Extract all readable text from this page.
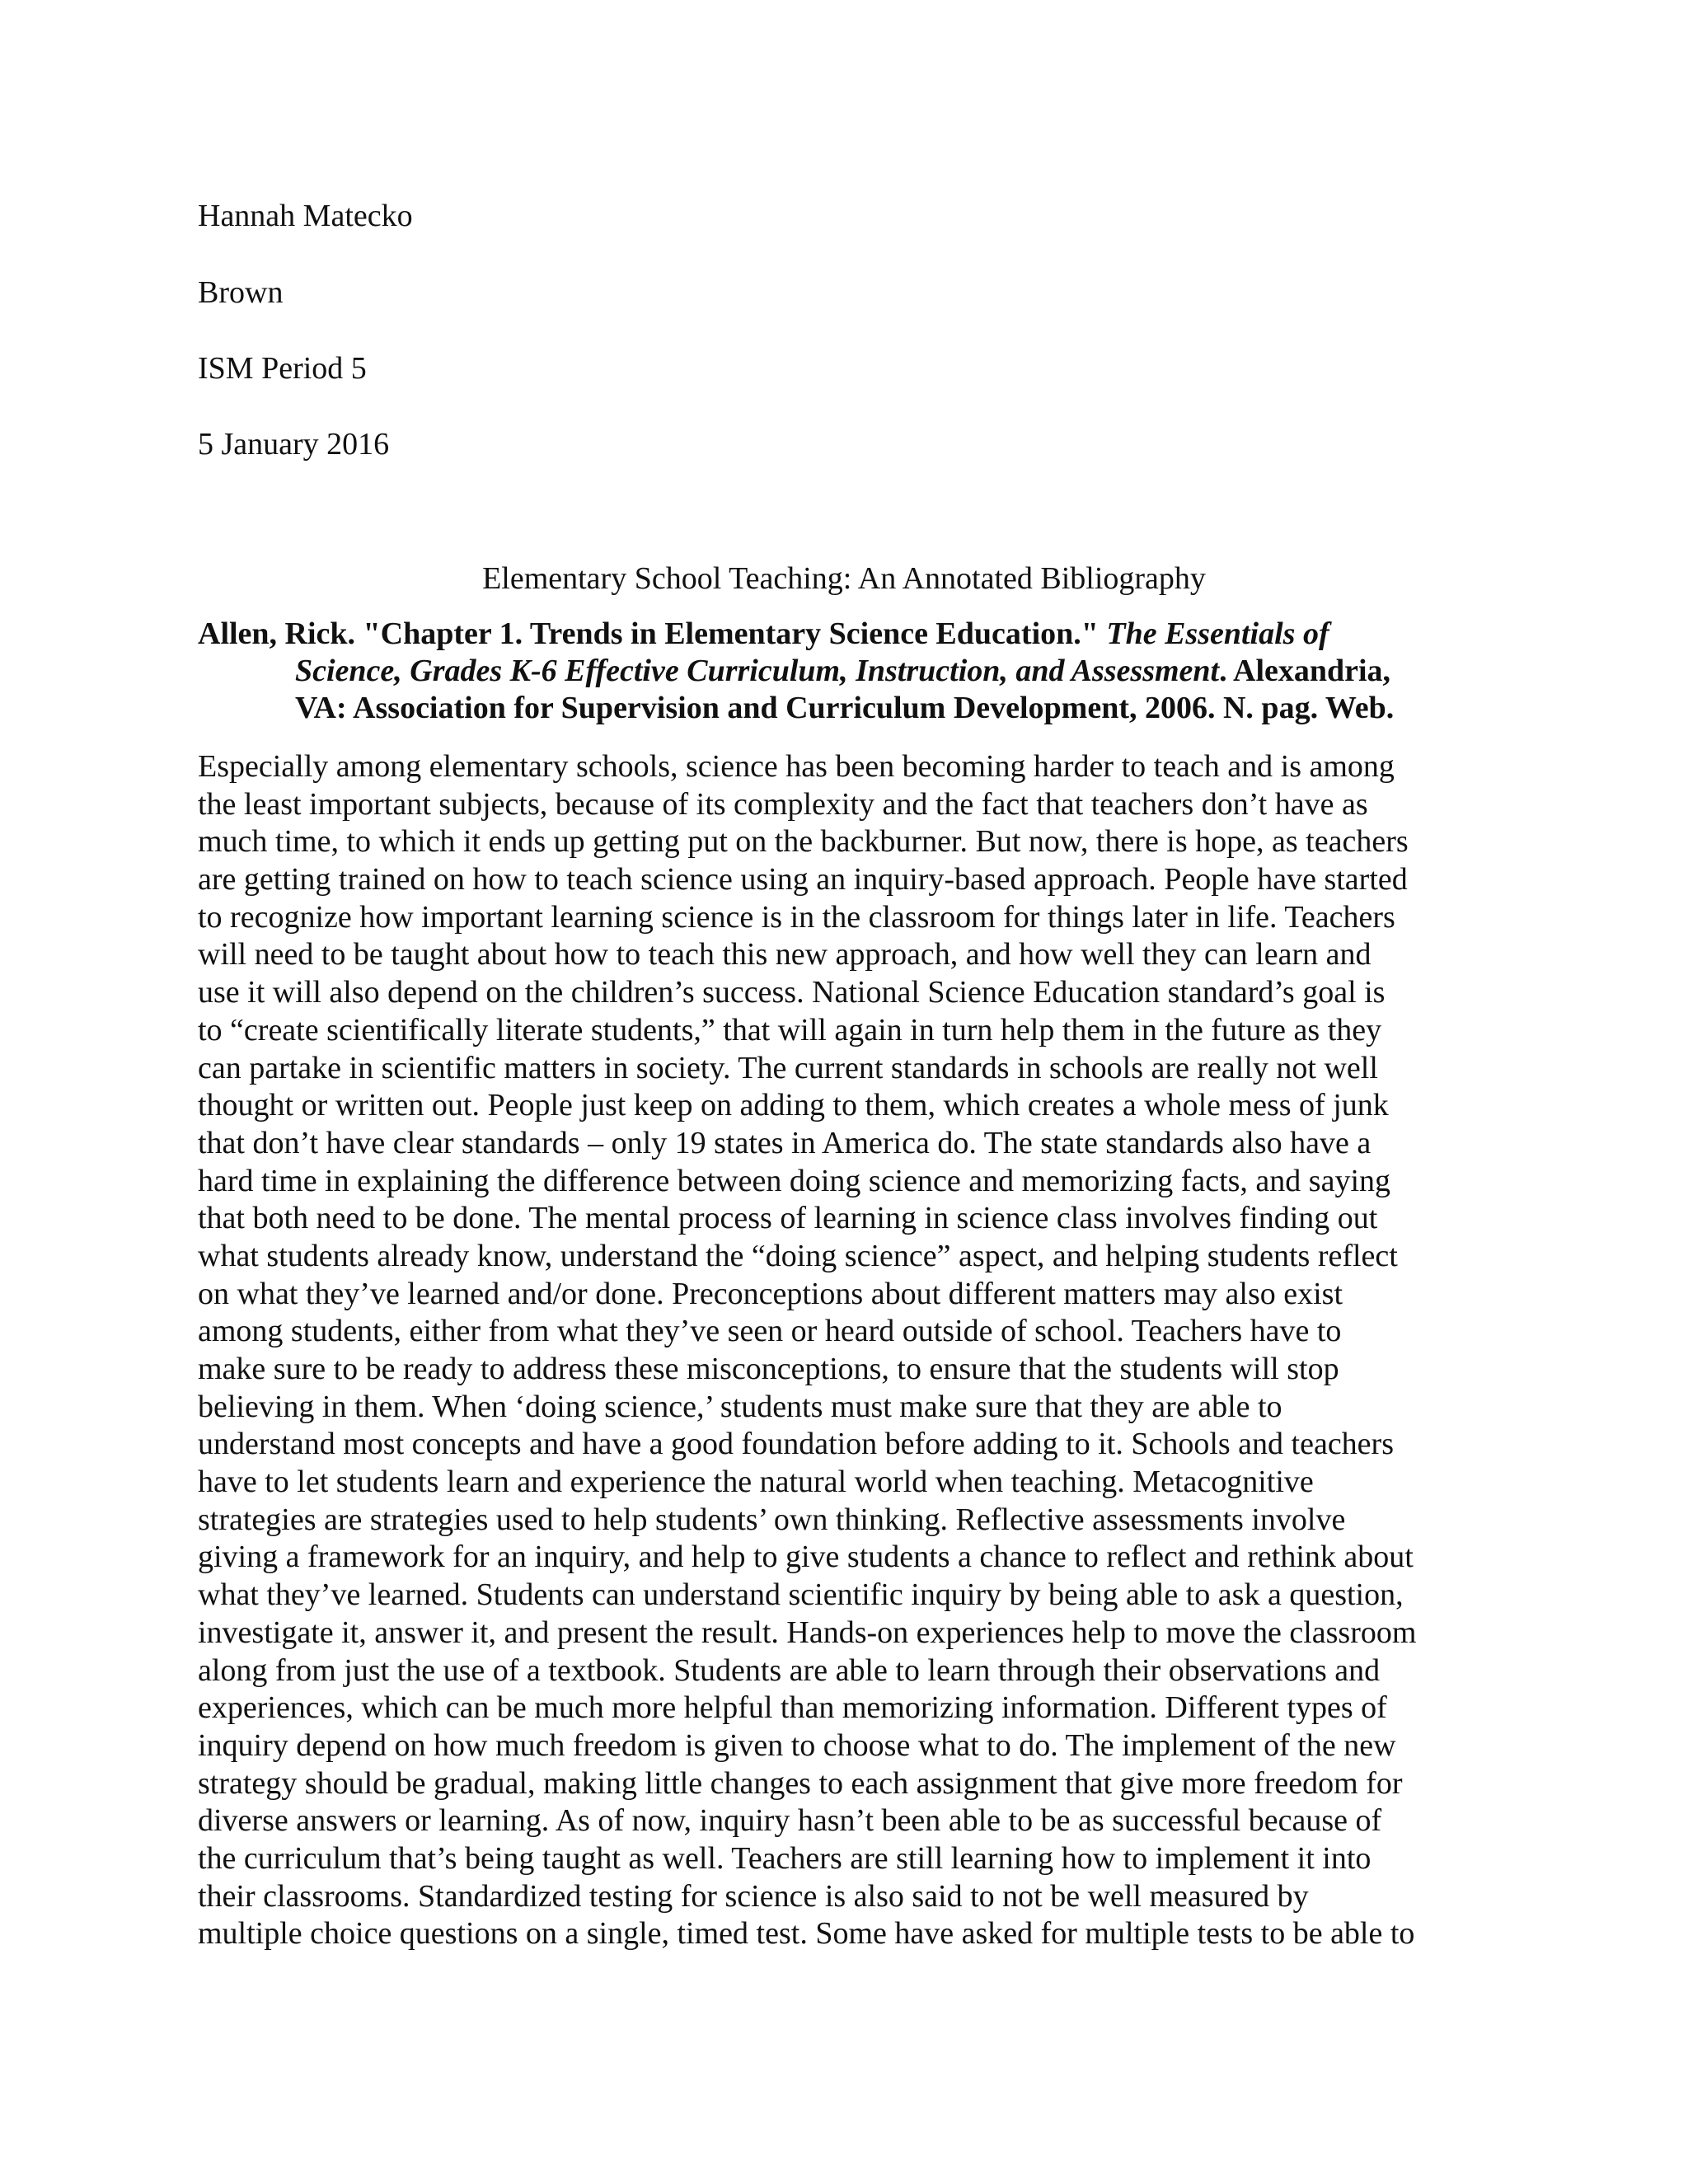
Hannah Matecko
Brown
ISM Period 5
5 January 2016
Elementary School Teaching: An Annotated Bibliography
Allen, Rick. "Chapter 1. Trends in Elementary Science Education." The Essentials of
Science, Grades K-6 Effective Curriculum, Instruction, and Assessment. Alexandria,
VA: Association for Supervision and Curriculum Development, 2006. N. pag. Web.
Especially among elementary schools, science has been becoming harder to teach and is among
the least important subjects, because of its complexity and the fact that teachers don’t have as
much time, to which it ends up getting put on the backburner. But now, there is hope, as teachers
are getting trained on how to teach science using an inquiry-based approach. People have started
to recognize how important learning science is in the classroom for things later in life. Teachers
will need to be taught about how to teach this new approach, and how well they can learn and
use it will also depend on the children’s success. National Science Education standard’s goal is
to “create scientifically literate students,” that will again in turn help them in the future as they
can partake in scientific matters in society. The current standards in schools are really not well
thought or written out. People just keep on adding to them, which creates a whole mess of junk
that don’t have clear standards – only 19 states in America do. The state standards also have a
hard time in explaining the difference between doing science and memorizing facts, and saying
that both need to be done. The mental process of learning in science class involves finding out
what students already know, understand the “doing science” aspect, and helping students reflect
on what they’ve learned and/or done. Preconceptions about different matters may also exist
among students, either from what they’ve seen or heard outside of school. Teachers have to
make sure to be ready to address these misconceptions, to ensure that the students will stop
believing in them. When ‘doing science,’ students must make sure that they are able to
understand most concepts and have a good foundation before adding to it. Schools and teachers
have to let students learn and experience the natural world when teaching. Metacognitive
strategies are strategies used to help students’ own thinking. Reflective assessments involve
giving a framework for an inquiry, and help to give students a chance to reflect and rethink about
what they’ve learned. Students can understand scientific inquiry by being able to ask a question,
investigate it, answer it, and present the result. Hands-on experiences help to move the classroom
along from just the use of a textbook. Students are able to learn through their observations and
experiences, which can be much more helpful than memorizing information. Different types of
inquiry depend on how much freedom is given to choose what to do. The implement of the new
strategy should be gradual, making little changes to each assignment that give more freedom for
diverse answers or learning. As of now, inquiry hasn’t been able to be as successful because of
the curriculum that’s being taught as well. Teachers are still learning how to implement it into
their classrooms. Standardized testing for science is also said to not be well measured by
multiple choice questions on a single, timed test. Some have asked for multiple tests to be able to
